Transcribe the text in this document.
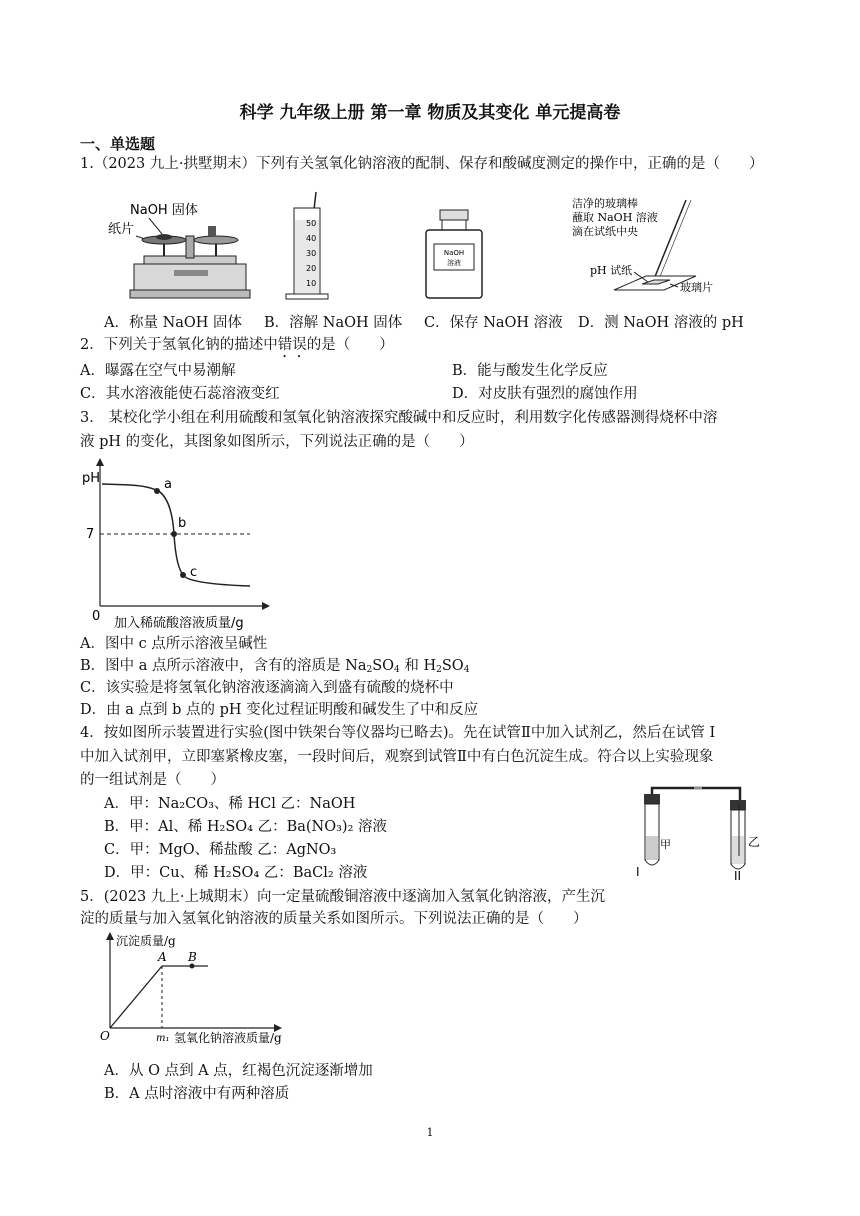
科学 九年级上册 第一章 物质及其变化 单元提高卷
一、单选题
1.（2023 九上·拱墅期末）下列有关氢氧化钠溶液的配制、保存和酸碱度测定的操作中，正确的是（　　）
NaOH 固体
纸片	50
40
30
20
10
NaOH
溶液
洁净的玻璃棒
蘸取 NaOH 溶液
滴在试纸中央
pH 试纸
玻璃片
A．称量 NaOH 固体 B．溶解 NaOH 固体 C．保存 NaOH 溶液 D．测 NaOH 溶液的 pH
2．下列关于氢氧化钠的描述中错误的是（　　）
A．曝露在空气中易潮解	B．能与酸发生化学反应
C．其水溶液能使石蕊溶液变红	D．对皮肤有强烈的腐蚀作用
3． 某校化学小组在利用硫酸和氢氧化钠溶液探究酸碱中和反应时，利用数字化传感器测得烧杯中溶
液 pH 的变化，其图象如图所示，下列说法正确的是（　　）
pH
7
0
a
b
c
加入稀硫酸溶液质量/g
A．图中 c 点所示溶液呈碱性
B．图中 a 点所示溶液中，含有的溶质是 $Na_2SO_4$ 和 $H_2SO_4$
C．该实验是将氢氧化钠溶液逐滴滴入到盛有硫酸的烧杯中
D．由 a 点到 b 点的 pH 变化过程证明酸和碱发生了中和反应
4．按如图所示装置进行实验(图中铁架台等仪器均已略去)。先在试管Ⅱ中加入试剂乙，然后在试管 I
中加入试剂甲，立即塞紧橡皮塞，一段时间后，观察到试管Ⅱ中有白色沉淀生成。符合以上实验现象
的一组试剂是（　　）
A．甲：Na₂CO₃、稀 HCl 乙：NaOH
B．甲：Al、稀 H₂SO₄ 乙：Ba(NO₃)₂ 溶液
C．甲：MgO、稀盐酸 乙：AgNO₃
D．甲：Cu、稀 H₂SO₄ 乙：BaCl₂ 溶液	I
甲	乙
II
5．(2023 九上·上城期末）向一定量硫酸铜溶液中逐滴加入氢氧化钠溶液，产生沉
淀的质量与加入氢氧化钠溶液的质量关系如图所示。下列说法正确的是（　　）
沉淀质量/g
氢氧化钠溶液质量/g
O
A B
m₁
A．从 O 点到 A 点，红褐色沉淀逐渐增加
B．A 点时溶液中有两种溶质
1
